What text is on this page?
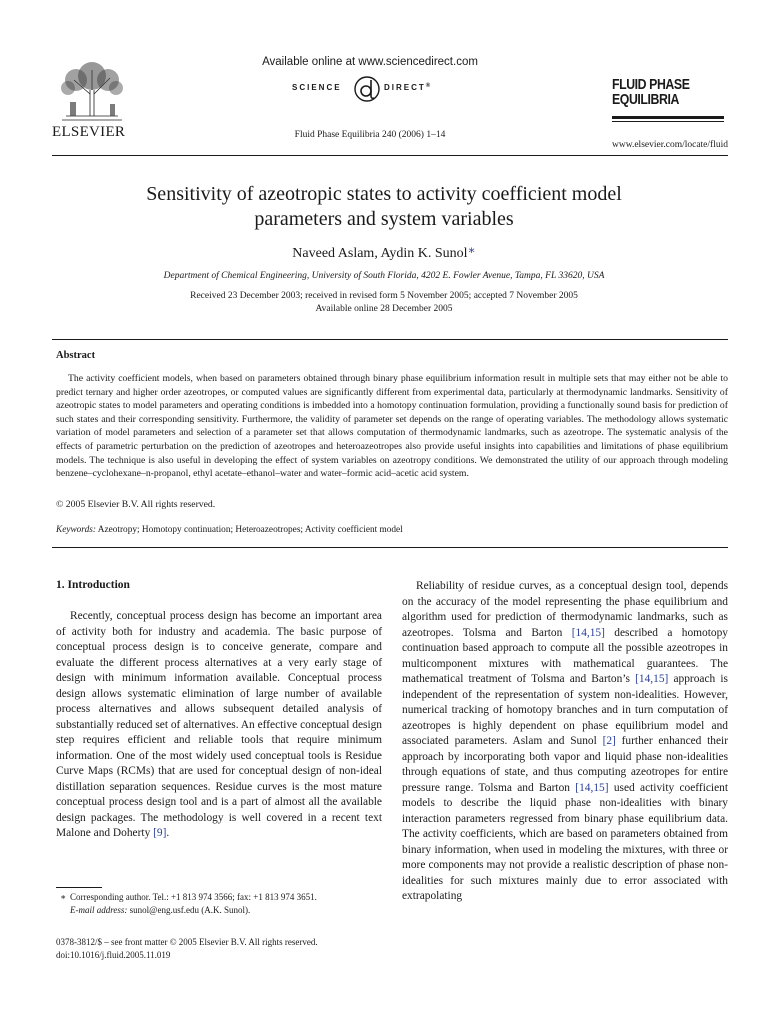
ELSEVIER
Available online at www.sciencedirect.com
SCIENCE	DIRECT®
Fluid Phase Equilibria 240 (2006) 1–14
FLUID PHASE
EQUILIBRIA
www.elsevier.com/locate/fluid
Sensitivity of azeotropic states to activity coefficient model
parameters and system variables
Naveed Aslam, Aydin K. Sunol∗
Department of Chemical Engineering, University of South Florida, 4202 E. Fowler Avenue, Tampa, FL 33620, USA
Received 23 December 2003; received in revised form 5 November 2005; accepted 7 November 2005
Available online 28 December 2005
Abstract
The activity coefficient models, when based on parameters obtained through binary phase equilibrium information result in multiple sets that may either not be able to predict ternary and higher order azeotropes, or computed values are significantly different from experimental data, particularly at thermodynamic landmarks. Sensitivity of azeotropic states to model parameters and operating conditions is imbedded into a homotopy continuation formulation, providing a functionally sound basis for prediction of such states and their corresponding sensitivity. Furthermore, the validity of parameter set depends on the range of operating variables. The methodology allows systematic variation of model parameters and selection of a parameter set that allows computation of thermodynamic landmarks, such as azeotrope. The systematic analysis of the effects of parametric perturbation on the prediction of azeotropes and heteroazeotropes also provide useful insights into capabilities and limitations of phase equilibrium models. The technique is also useful in developing the effect of system variables on azeotropy conditions. We demonstrated the utility of our approach through modeling benzene–cyclohexane–n-propanol, ethyl acetate–ethanol–water and water–formic acid–acetic acid system.
© 2005 Elsevier B.V. All rights reserved.
Keywords: Azeotropy; Homotopy continuation; Heteroazeotropes; Activity coefficient model
1. Introduction

Recently, conceptual process design has become an important area of activity both for industry and academia. The basic purpose of conceptual process design is to conceive generate, compare and evaluate the different process alternatives at a very early stage of design with minimum information available. Conceptual process design allows systematic elimination of large number of available process alternatives and allows subsequent detailed analysis of substantially reduced set of alternatives. An effective conceptual design step requires efficient and reliable tools that require minimum information. One of the most widely used conceptual tools is Residue Curve Maps (RCMs) that are used for conceptual design of non-ideal distillation separation sequences. Residue curves is the most mature conceptual process design tool and is a part of almost all the available design packages. The methodology is well covered in a recent text Malone and Doherty [9].

Reliability of residue curves, as a conceptual design tool, depends on the accuracy of the model representing the phase equilibrium and algorithm used for prediction of thermodynamic landmarks, such as azeotropes. Tolsma and Barton [14,15] described a homotopy continuation based approach to compute all the possible azeotropes in multicomponent mixtures with mathematical guarantees. The mathematical treatment of Tolsma and Barton’s [14,15] approach is independent of the representation of system non-idealities. However, numerical tracking of homotopy branches and in turn computation of azeotropes is highly dependent on phase equilibrium model and associated parameters. Aslam and Sunol [2] further enhanced their approach by incorporating both vapor and liquid phase non-idealities through equations of state, and thus computing azeotropes for entire pressure range. Tolsma and Barton [14,15] used activity coefficient models to describe the liquid phase non-idealities with binary interaction parameters regressed from binary phase equilibrium data. The activity coefficients, which are based on parameters obtained from binary information, when used in modeling the mixtures, with three or more components may not provide a realistic description of phase non-idealities for such mixtures mainly due to error associated with extrapolating

∗ Corresponding author. Tel.: +1 813 974 3566; fax: +1 813 974 3651.
E-mail address: sunol@eng.usf.edu (A.K. Sunol).
0378-3812/$ – see front matter © 2005 Elsevier B.V. All rights reserved.
doi:10.1016/j.fluid.2005.11.019
